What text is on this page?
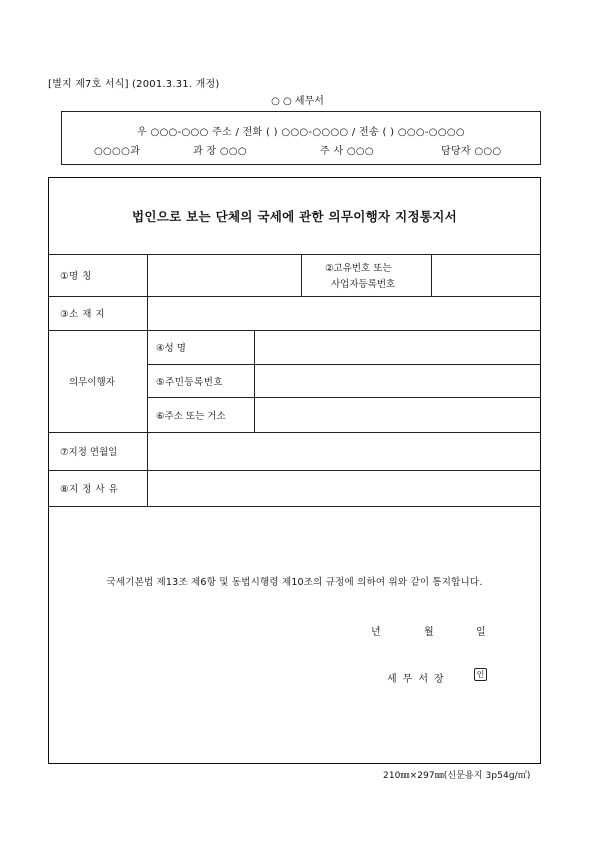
[별지 제7호 서식] (2001.3.31. 개정)
○ ○ 세무서
우 ○○○-○○○ 주소 / 전화 ( ) ○○○-○○○○ / 전송 ( ) ○○○-○○○○
○○○○과	과 장 ○○○	주 사 ○○○	담당자 ○○○
법인으로 보는 단체의 국세에 관한 의무이행자 지정통지서
①명 칭
②고유번호 또는
사업자등록번호
③소 재 지
의무이행자
④성 명
⑤주민등록번호
⑥주소 또는 거소
⑦지정 연월일
⑧지 정 사 유
국세기본법 제13조 제6항 및 동법시행령 제10조의 규정에 의하여 위와 같이 통지합니다.
년	월	일
세무서장	인
210㎜×297㎜(신문용지 3p54g/㎡)
